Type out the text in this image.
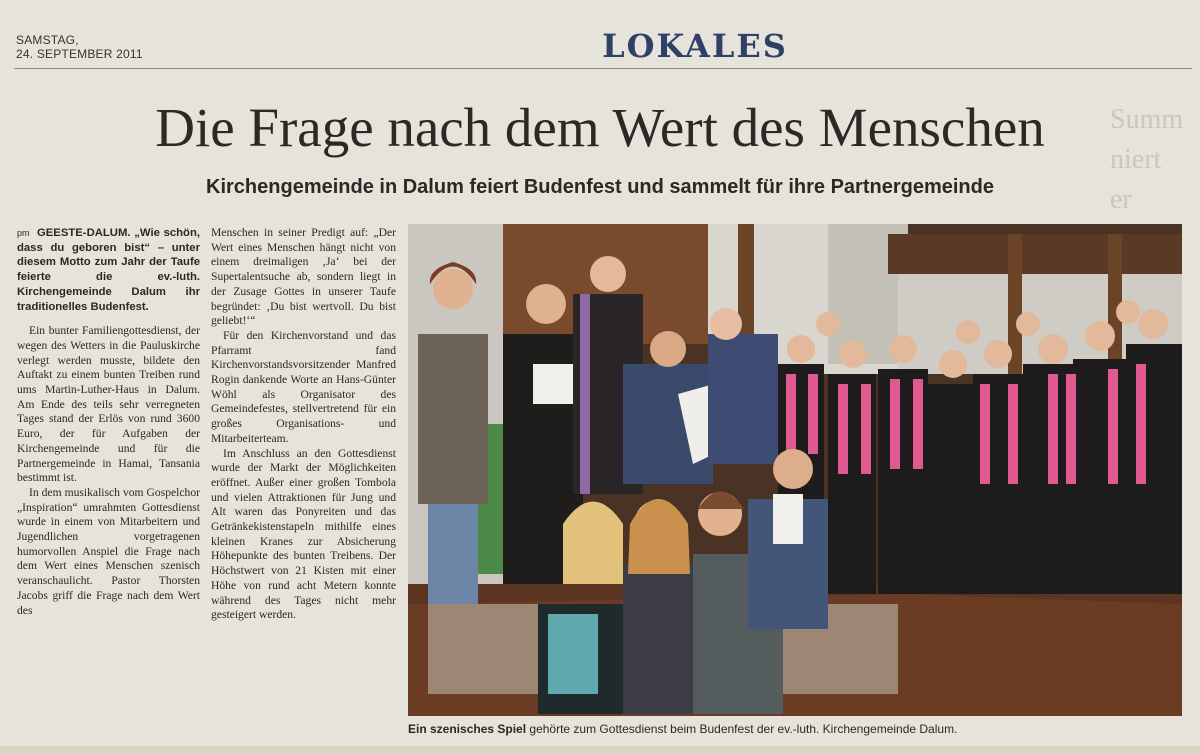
SAMSTAG,
24. SEPTEMBER 2011	LOKALES
Summ
niert
er
Die Frage nach dem Wert des Menschen
Kirchengemeinde in Dalum feiert Budenfest und sammelt für ihre Partnergemeinde

pm GEESTE-DALUM. „Wie schön, dass du geboren bist“ – unter diesem Motto zum Jahr der Taufe feierte die ev.-luth. Kirchengemeinde Dalum ihr traditionelles Budenfest.

Ein bunter Familiengottesdienst, der wegen des Wetters in die Pauluskirche verlegt werden musste, bildete den Auftakt zu einem bunten Treiben rund ums Martin-Luther-Haus in Dalum. Am Ende des teils sehr verregneten Tages stand der Erlös von rund 3600 Euro, der für Aufgaben der Kirchengemeinde und für die Partnergemeinde in Hamai, Tansania bestimmt ist.

In dem musikalisch vom Gospelchor „Inspiration“ umrahmten Gottesdienst wurde in einem von Mitarbeitern und Jugendlichen vorgetragenen humorvollen Anspiel die Frage nach dem Wert eines Menschen szenisch veranschaulicht. Pastor Thorsten Jacobs griff die Frage nach dem Wert des

Menschen in seiner Predigt auf: „Der Wert eines Menschen hängt nicht von einem dreimaligen ‚Ja‘ bei der Supertalentsuche ab, sondern liegt in der Zusage Gottes in unserer Taufe begründet: ‚Du bist wertvoll. Du bist geliebt!‘“

Für den Kirchenvorstand und das Pfarramt fand Kirchenvorstandsvorsitzender Manfred Rogin dankende Worte an Hans-Günter Wöhl als Organisator des Gemeindefestes, stellvertretend für ein großes Organisations- und Mitarbeiterteam.

Im Anschluss an den Gottesdienst wurde der Markt der Möglichkeiten eröffnet. Außer einer großen Tombola und vielen Attraktionen für Jung und Alt waren das Ponyreiten und das Getränkekistenstapeln mithilfe eines kleinen Kranes zur Absicherung Höhepunkte des bunten Treibens. Der Höchstwert von 21 Kisten mit einer Höhe von rund acht Metern konnte während des Tages nicht mehr gesteigert werden.

Ein szenisches Spiel gehörte zum Gottesdienst beim Budenfest der ev.-luth. Kirchengemeinde Dalum.
